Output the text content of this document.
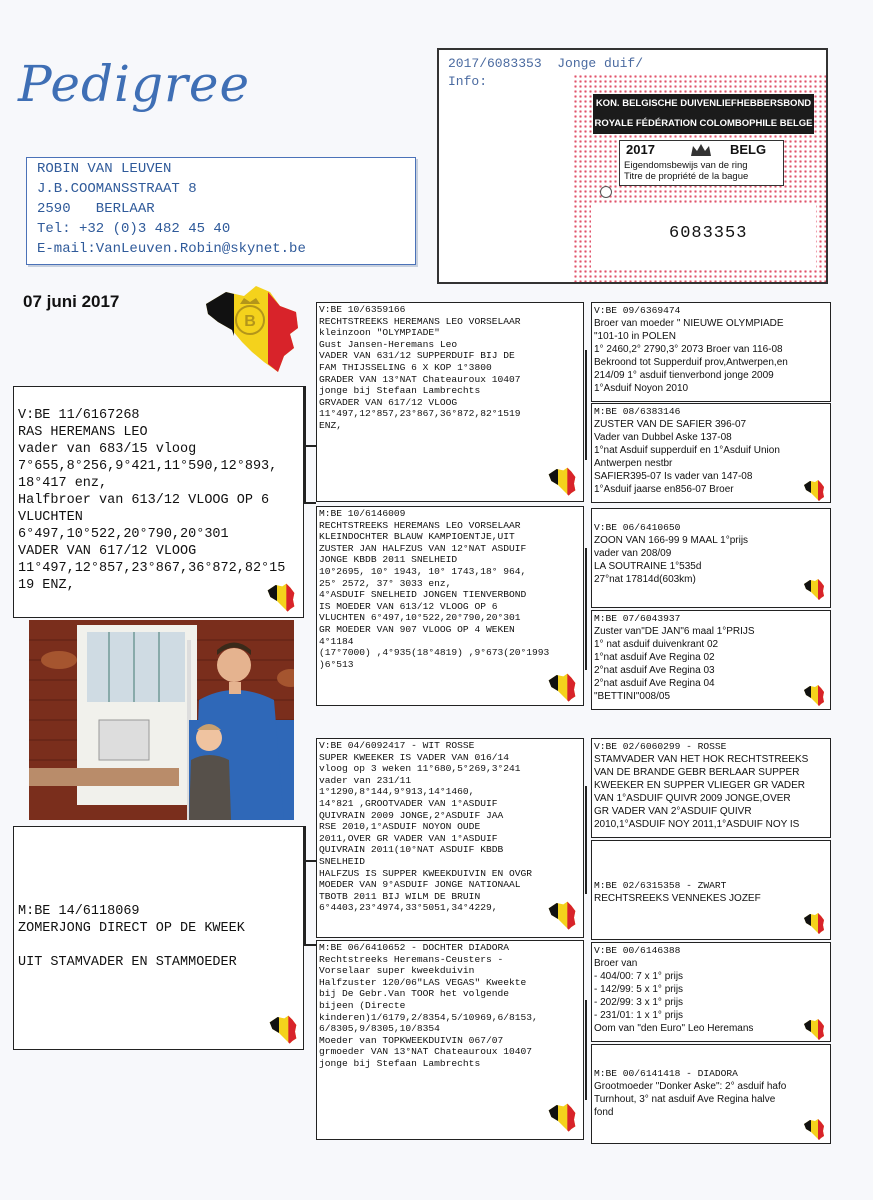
Pedigree
ROBIN VAN LEUVEN
J.B.COOMANSSTRAAT 8
2590   BERLAAR
Tel: +32 (0)3 482 45 40
E-mail:VanLeuven.Robin@skynet.be
07 juni 2017
B
2017/6083353  Jonge duif/
Info:
KON. BELGISCHE DUIVENLIEFHEBBERSBOND
ROYALE FÉDÉRATION COLOMBOPHILE BELGE
2017	BELG
Eigendomsbewijs van de ring
Titre de propriété de la bague
6083353
V:BE 11/6167268
RAS HEREMANS LEO
vader van 683/15 vloog
7°655,8°256,9°421,11°590,12°893,
18°417 enz,
Halfbroer van 613/12 VLOOG OP 6
VLUCHTEN
6°497,10°522,20°790,20°301
VADER VAN 617/12 VLOOG
11°497,12°857,23°867,36°872,82°15
19 ENZ,
M:BE 14/6118069
ZOMERJONG DIRECT OP DE KWEEK
UIT STAMVADER EN STAMMOEDER
V:BE 10/6359166
RECHTSTREEKS HEREMANS LEO VORSELAAR
kleinzoon "OLYMPIADE"
Gust Jansen-Heremans Leo
VADER VAN 631/12 SUPPERDUIF BIJ DE
FAM THIJSSELING 6 X KOP 1°3800
GRADER VAN 13°NAT Chateauroux 10407
jonge bij Stefaan Lambrechts
GRVADER VAN 617/12 VLOOG
11°497,12°857,23°867,36°872,82°1519
ENZ,
M:BE 10/6146009
RECHTSTREEKS HEREMANS LEO VORSELAAR
KLEINDOCHTER BLAUW KAMPIOENTJE,UIT
ZUSTER JAN HALFZUS VAN 12°NAT ASDUIF
JONGE KBDB 2011 SNELHEID
10°2695, 10° 1943, 10° 1743,18° 964,
25° 2572, 37° 3033 enz,
4°ASDUIF SNELHEID JONGEN TIENVERBOND
IS MOEDER VAN 613/12 VLOOG OP 6
VLUCHTEN 6°497,10°522,20°790,20°301
GR MOEDER VAN 907 VLOOG OP 4 WEKEN
4°1184
(17°7000) ,4°935(18°4819) ,9°673(20°1993
)6°513
V:BE 04/6092417 - WIT ROSSE
SUPER KWEEKER IS VADER VAN 016/14
vloog op 3 weken 11°680,5°269,3°241
vader van 231/11
1°1290,8°144,9°913,14°1460,
14°821 ,GROOTVADER VAN 1°ASDUIF
QUIVRAIN 2009 JONGE,2°ASDUIF JAA
RSE 2010,1°ASDUIF NOYON OUDE
2011,OVER GR VADER VAN 1°ASDUIF
QUIVRAIN 2011(10°NAT ASDUIF KBDB
SNELHEID
HALFZUS IS SUPPER KWEEKDUIVIN EN OVGR
MOEDER VAN 9°ASDUIF JONGE NATIONAAL
TBOTB 2011 BIJ WILM DE BRUIN
6°4403,23°4974,33°5051,34°4229,
M:BE 06/6410652 - DOCHTER DIADORA
Rechtstreeks Heremans-Ceusters -
Vorselaar super kweekduivin
Halfzuster 120/06"LAS VEGAS" Kweekte
bij De Gebr.Van TOOR het volgende
bijeen (Directe
kinderen)1/6179,2/8354,5/10969,6/8153,
6/8305,9/8305,10/8354
Moeder van TOPKWEEKDUIVIN 067/07
grmoeder VAN 13°NAT Chateauroux 10407
jonge bij Stefaan Lambrechts
V:BE 09/6369474
Broer van moeder " NIEUWE OLYMPIADE
"101-10 in POLEN
1° 2460,2° 2790,3° 2073 Broer van 116-08
Bekroond tot Supperduif prov,Antwerpen,en
214/09 1° asduif tienverbond jonge 2009
1°Asduif Noyon 2010
M:BE 08/6383146
ZUSTER VAN DE SAFIER 396-07
Vader van Dubbel Aske 137-08
1°nat Asduif supperduif en 1°Asduif Union
Antwerpen nestbr
SAFIER395-07 Is vader van 147-08
1°Asduif jaarse en856-07 Broer
V:BE 06/6410650
ZOON VAN 166-99 9 MAAL 1°prijs
vader van 208/09
LA SOUTRAINE 1°535d
27°nat 17814d(603km)
M:BE 07/6043937
Zuster van"DE JAN"6 maal 1°PRIJS
1° nat asduif duivenkrant 02
1°nat asduif Ave Regina 02
2°nat asduif Ave Regina 03
2°nat asduif Ave Regina 04
"BETTINI"008/05
V:BE 02/6060299 - ROSSE
STAMVADER VAN HET HOK RECHTSTREEKS
VAN DE BRANDE GEBR BERLAAR SUPPER
KWEEKER EN SUPPER VLIEGER GR VADER
VAN 1°ASDUIF QUIVR 2009 JONGE,OVER
GR VADER VAN 2°ASDUIF QUIVR
2010,1°ASDUIF NOY 2011,1°ASDUIF NOY IS
M:BE 02/6315358 - ZWART
RECHTSREEKS VENNEKES JOZEF
V:BE 00/6146388
Broer van
- 404/00: 7 x 1° prijs
- 142/99: 5 x 1° prijs
- 202/99: 3 x 1° prijs
- 231/01: 1 x 1° prijs
Oom van "den Euro" Leo Heremans
M:BE 00/6141418 - DIADORA
Grootmoeder "Donker Aske": 2° asduif hafo
Turnhout, 3° nat asduif Ave Regina halve
fond
